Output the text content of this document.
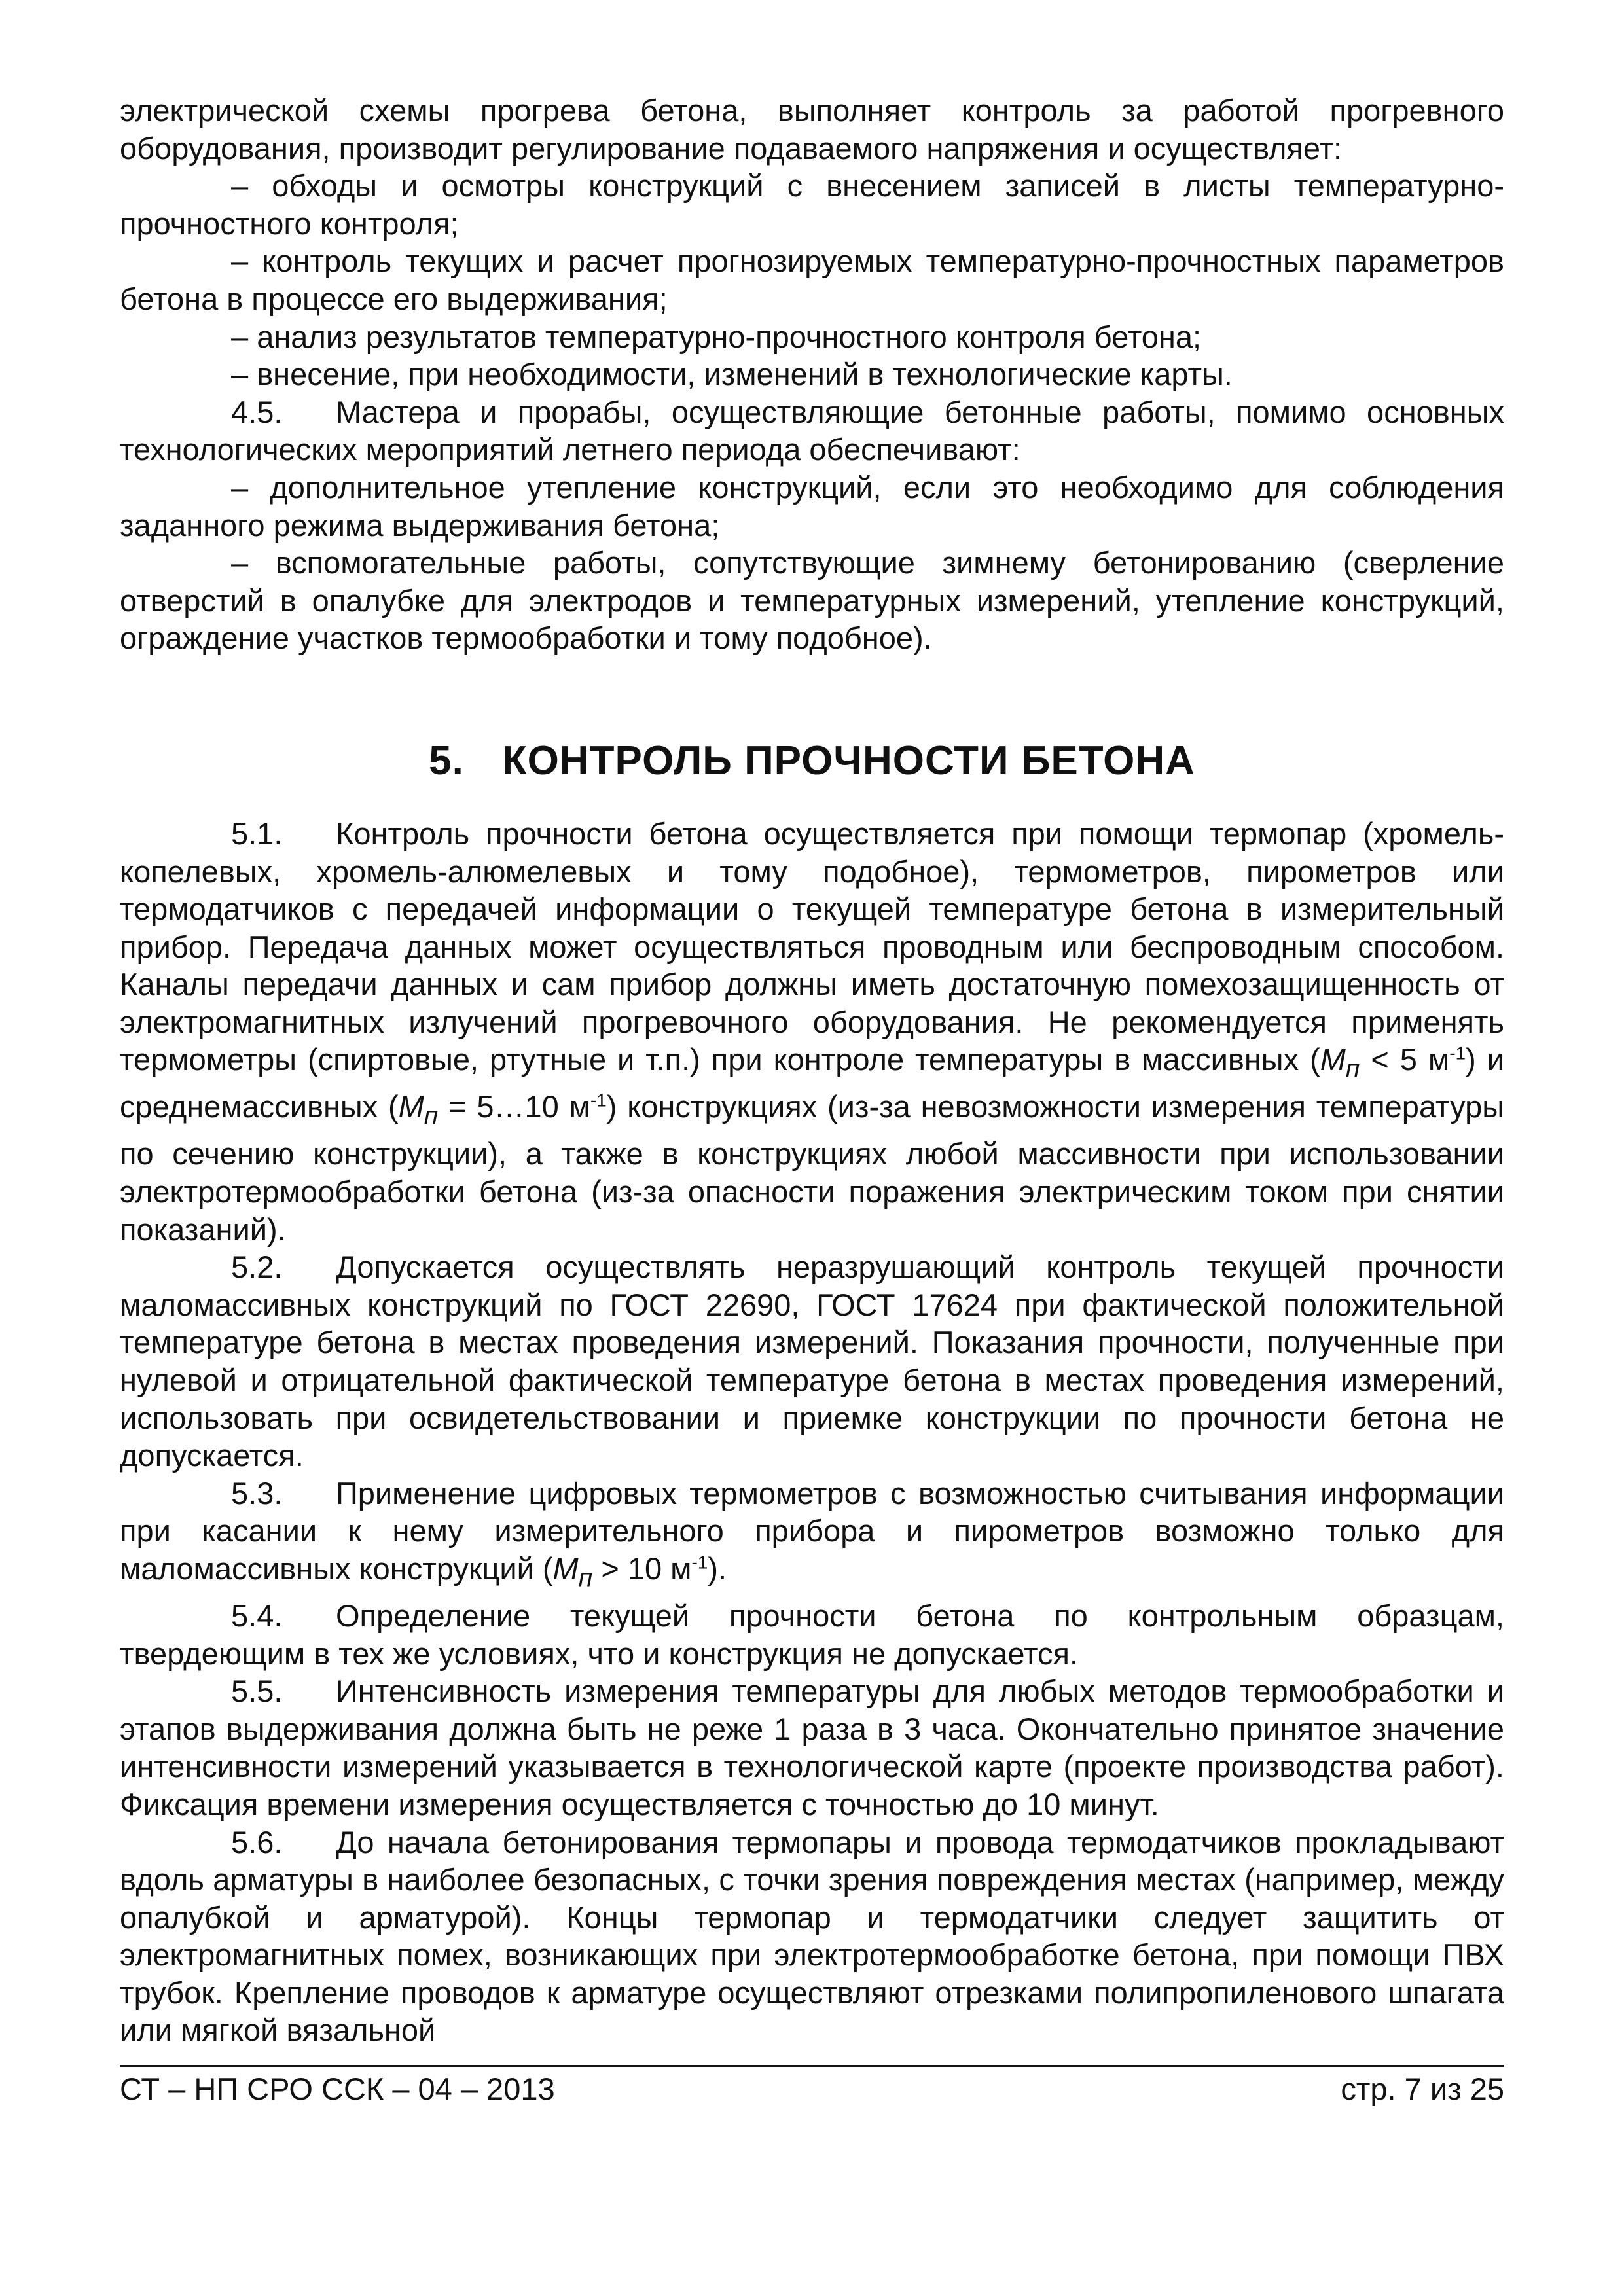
электрической схемы прогрева бетона, выполняет контроль за работой прогревного оборудования, производит регулирование подаваемого напряжения и осуществляет:

– обходы и осмотры конструкций с внесением записей в листы температурно-прочностного контроля;

– контроль текущих и расчет прогнозируемых температурно-прочностных параметров бетона в процессе его выдерживания;

– анализ результатов температурно-прочностного контроля бетона;

– внесение, при необходимости, изменений в технологические карты.

4.5. Мастера и прорабы, осуществляющие бетонные работы, помимо основных технологических мероприятий летнего периода обеспечивают:

– дополнительное утепление конструкций, если это необходимо для соблюдения заданного режима выдерживания бетона;

– вспомогательные работы, сопутствующие зимнему бетонированию (сверление отверстий в опалубке для электродов и температурных измерений, утепление конструкций, ограждение участков термообработки и тому подобное).

5. КОНТРОЛЬ ПРОЧНОСТИ БЕТОНА

5.1. Контроль прочности бетона осуществляется при помощи термопар (хромель-копелевых, хромель-алюмелевых и тому подобное), термометров, пирометров или термодатчиков с передачей информации о текущей температуре бетона в измерительный прибор. Передача данных может осуществляться проводным или беспроводным способом. Каналы передачи данных и сам прибор должны иметь достаточную помехозащищенность от электромагнитных излучений прогревочного оборудования. Не рекомендуется применять термометры (спиртовые, ртутные и т.п.) при контроле температуры в массивных ($М_п < 5$ $м^{-1}$) и среднемассивных ($М_п$ = 5…10 $м^{-1}$) конструкциях (из-за невозможности измерения температуры по сечению конструкции), а также в конструкциях любой массивности при использовании электротермообработки бетона (из-за опасности поражения электрическим током при снятии показаний).

5.2. Допускается осуществлять неразрушающий контроль текущей прочности маломассивных конструкций по ГОСТ 22690, ГОСТ 17624 при фактической положительной температуре бетона в местах проведения измерений. Показания прочности, полученные при нулевой и отрицательной фактической температуре бетона в местах проведения измерений, использовать при освидетельствовании и приемке конструкции по прочности бетона не допускается.

5.3. Применение цифровых термометров с возможностью считывания информации при касании к нему измерительного прибора и пирометров возможно только для маломассивных конструкций ($М_п > 10$ $м^{-1}$).

5.4. Определение текущей прочности бетона по контрольным образцам, твердеющим в тех же условиях, что и конструкция не допускается.

5.5. Интенсивность измерения температуры для любых методов термообработки и этапов выдерживания должна быть не реже 1 раза в 3 часа. Окончательно принятое значение интенсивности измерений указывается в технологической карте (проекте производства работ). Фиксация времени измерения осуществляется с точностью до 10 минут.

5.6. До начала бетонирования термопары и провода термодатчиков прокладывают вдоль арматуры в наиболее безопасных, с точки зрения повреждения местах (например, между опалубкой и арматурой). Концы термопар и термодатчики следует защитить от электромагнитных помех, возникающих при электротермообработке бетона, при помощи ПВХ трубок. Крепление проводов к арматуре осуществляют отрезками полипропиленового шпагата или мягкой вязальной

СТ – НП СРО ССК – 04 – 2013	стр. 7 из 25
